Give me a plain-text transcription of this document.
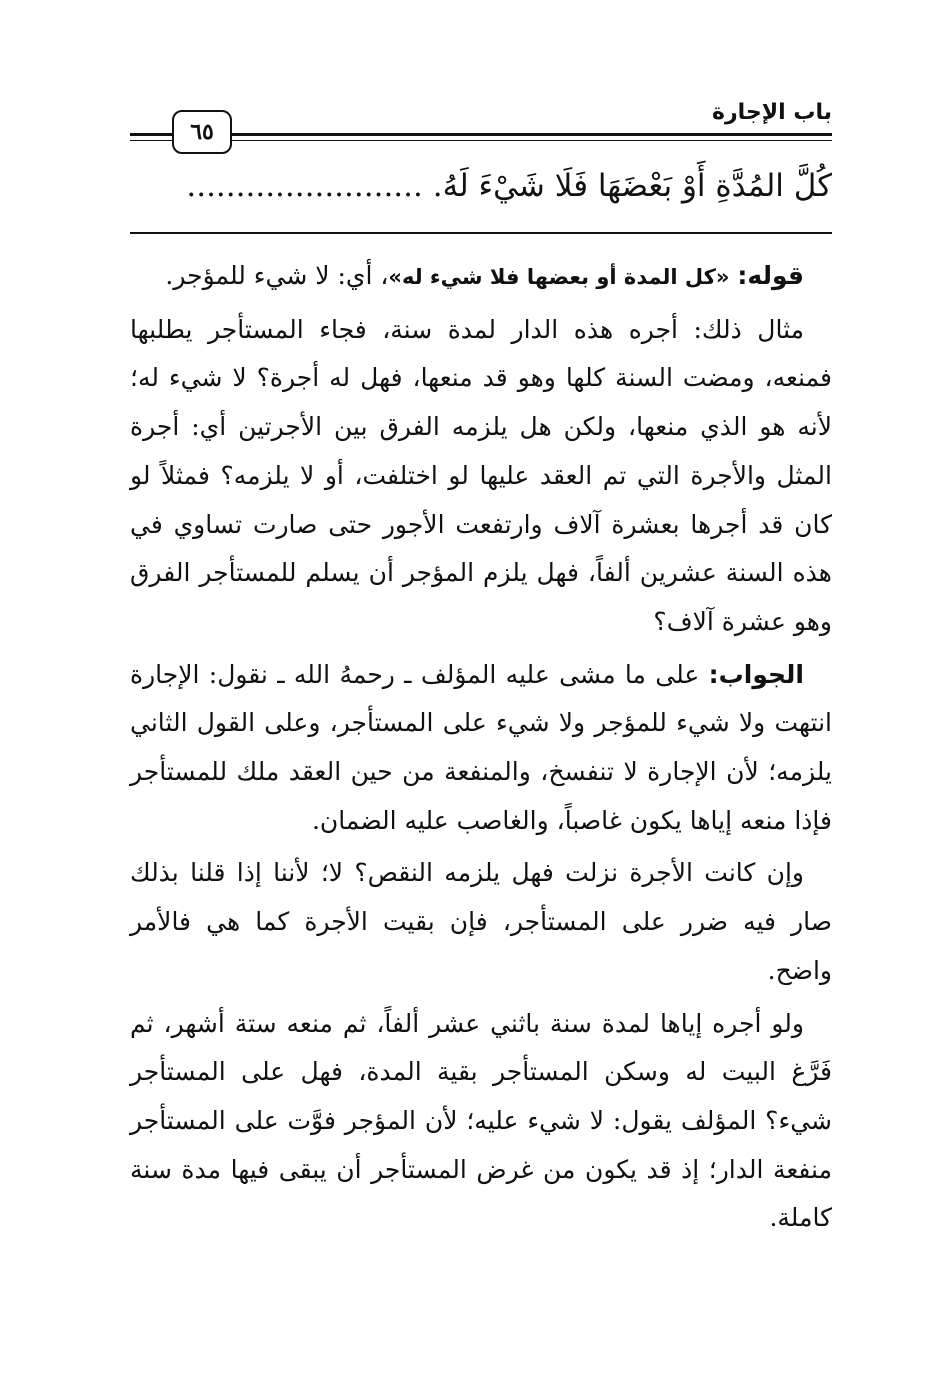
٦٥
باب الإجارة
كُلَّ المُدَّةِ أَوْ بَعْضَهَا فَلَا شَيْءَ لَهُ. ........................

قوله: «كل المدة أو بعضها فلا شيء له»، أي: لا شيء للمؤجر.

مثال ذلك: أجره هذه الدار لمدة سنة، فجاء المستأجر يطلبها فمنعه، ومضت السنة كلها وهو قد منعها، فهل له أجرة؟ لا شيء له؛ لأنه هو الذي منعها، ولكن هل يلزمه الفرق بين الأجرتين أي: أجرة المثل والأجرة التي تم العقد عليها لو اختلفت، أو لا يلزمه؟ فمثلاً لو كان قد أجرها بعشرة آلاف وارتفعت الأجور حتى صارت تساوي في هذه السنة عشرين ألفاً، فهل يلزم المؤجر أن يسلم للمستأجر الفرق وهو عشرة آلاف؟

الجواب: على ما مشى عليه المؤلف ـ رحمهُ الله ـ نقول: الإجارة انتهت ولا شيء للمؤجر ولا شيء على المستأجر، وعلى القول الثاني يلزمه؛ لأن الإجارة لا تنفسخ، والمنفعة من حين العقد ملك للمستأجر فإذا منعه إياها يكون غاصباً، والغاصب عليه الضمان.

وإن كانت الأجرة نزلت فهل يلزمه النقص؟ لا؛ لأننا إذا قلنا بذلك صار فيه ضرر على المستأجر، فإن بقيت الأجرة كما هي فالأمر واضح.

ولو أجره إياها لمدة سنة باثني عشر ألفاً، ثم منعه ستة أشهر، ثم فَرَّغ البيت له وسكن المستأجر بقية المدة، فهل على المستأجر شيء؟ المؤلف يقول: لا شيء عليه؛ لأن المؤجر فوَّت على المستأجر منفعة الدار؛ إذ قد يكون من غرض المستأجر أن يبقى فيها مدة سنة كاملة.
